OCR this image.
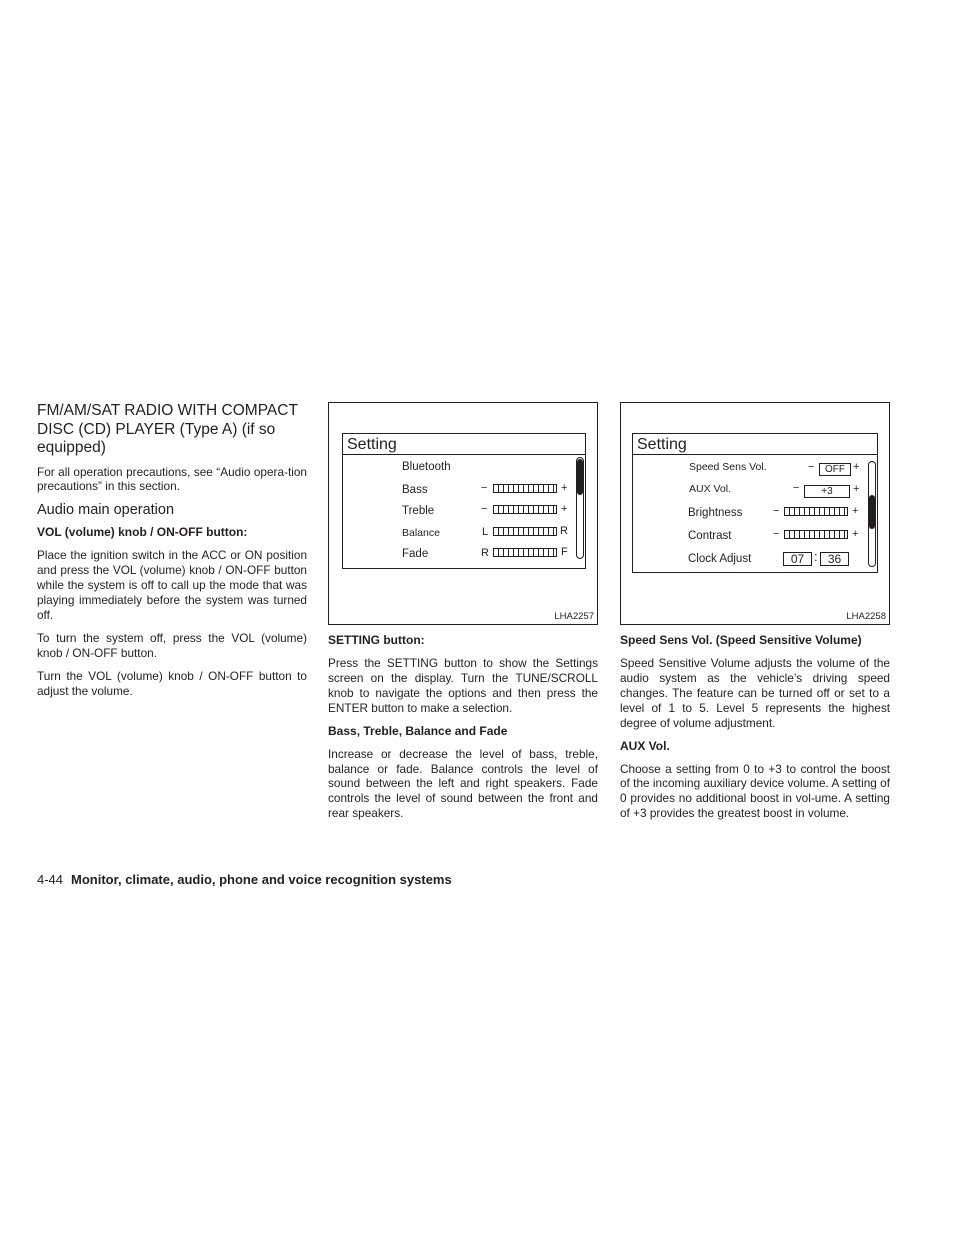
FM/AM/SAT RADIO WITH COMPACT DISC (CD) PLAYER (Type A) (if so equipped)

For all operation precautions, see “Audio opera-tion precautions” in this section.

Audio main operation
VOL (volume) knob / ON-OFF button:

Place the ignition switch in the ACC or ON position and press the VOL (volume) knob / ON-OFF button while the system is off to call up the mode that was playing immediately before the system was turned off.

To turn the system off, press the VOL (volume) knob / ON-OFF button.

Turn the VOL (volume) knob / ON-OFF button to adjust the volume.

Setting
Bluetooth
Bass	−	+
Treble	−	+
Balance	L	R
Fade	R	F
LHA2257
SETTING button:

Press the SETTING button to show the Settings screen on the display. Turn the TUNE/SCROLL knob to navigate the options and then press the ENTER button to make a selection.

Bass, Treble, Balance and Fade

Increase or decrease the level of bass, treble, balance or fade. Balance controls the level of sound between the left and right speakers. Fade controls the level of sound between the front and rear speakers.

Setting
Speed Sens Vol.	−	OFF +
AUX Vol.	−	+3	+
Brightness	−	+
Contrast	−	+
Clock Adjust	07 : 36
LHA2258
Speed Sens Vol. (Speed Sensitive Volume)

Speed Sensitive Volume adjusts the volume of the audio system as the vehicle’s driving speed changes. The feature can be turned off or set to a level of 1 to 5. Level 5 represents the highest degree of volume adjustment.

AUX Vol.

Choose a setting from 0 to +3 to control the boost of the incoming auxiliary device volume. A setting of 0 provides no additional boost in vol-ume. A setting of +3 provides the greatest boost in volume.

4-44 Monitor, climate, audio, phone and voice recognition systems
